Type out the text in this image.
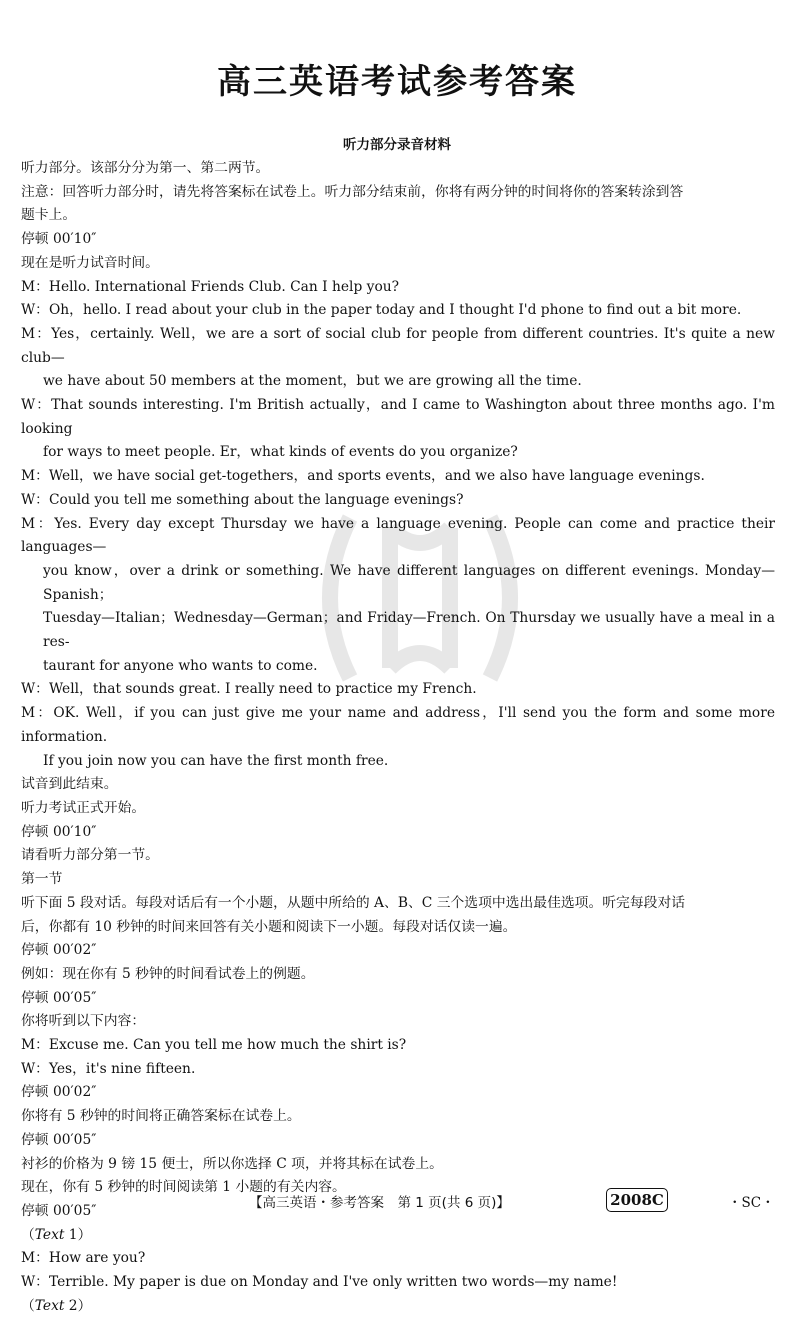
高三英语考试参考答案
听力部分录音材料

听力部分。该部分分为第一、第二两节。

注意：回答听力部分时，请先将答案标在试卷上。听力部分结束前，你将有两分钟的时间将你的答案转涂到答

题卡上。

停顿 00′10″

现在是听力试音时间。

M：Hello. International Friends Club. Can I help you?

W：Oh，hello. I read about your club in the paper today and I thought I'd phone to find out a bit more.

M：Yes，certainly. Well，we are a sort of social club for people from different countries. It's quite a new club—

we have about 50 members at the moment，but we are growing all the time.

W：That sounds interesting. I'm British actually，and I came to Washington about three months ago. I'm looking

for ways to meet people. Er，what kinds of events do you organize?

M：Well，we have social get-togethers，and sports events，and we also have language evenings.

W：Could you tell me something about the language evenings?

M：Yes. Every day except Thursday we have a language evening. People can come and practice their languages—

you know，over a drink or something. We have different languages on different evenings. Monday—Spanish；

Tuesday—Italian；Wednesday—German；and Friday—French. On Thursday we usually have a meal in a res-

taurant for anyone who wants to come.

W：Well，that sounds great. I really need to practice my French.

M：OK. Well，if you can just give me your name and address，I'll send you the form and some more information.

If you join now you can have the first month free.

试音到此结束。

听力考试正式开始。

停顿 00′10″

请看听力部分第一节。

第一节

听下面 5 段对话。每段对话后有一个小题，从题中所给的 A、B、C 三个选项中选出最佳选项。听完每段对话

后，你都有 10 秒钟的时间来回答有关小题和阅读下一小题。每段对话仅读一遍。

停顿 00′02″

例如：现在你有 5 秒钟的时间看试卷上的例题。

停顿 00′05″

你将听到以下内容：

M：Excuse me. Can you tell me how much the shirt is?

W：Yes，it's nine fifteen.

停顿 00′02″

你将有 5 秒钟的时间将正确答案标在试卷上。

停顿 00′05″

衬衫的价格为 9 镑 15 便士，所以你选择 C 项，并将其标在试卷上。

现在，你有 5 秒钟的时间阅读第 1 小题的有关内容。

停顿 00′05″

（Text 1）

M：How are you?

W：Terrible. My paper is due on Monday and I've only written two words—my name!

（Text 2）

【高三英语・参考答案　第 1 页(共 6 页)】	2008C	・SC・
